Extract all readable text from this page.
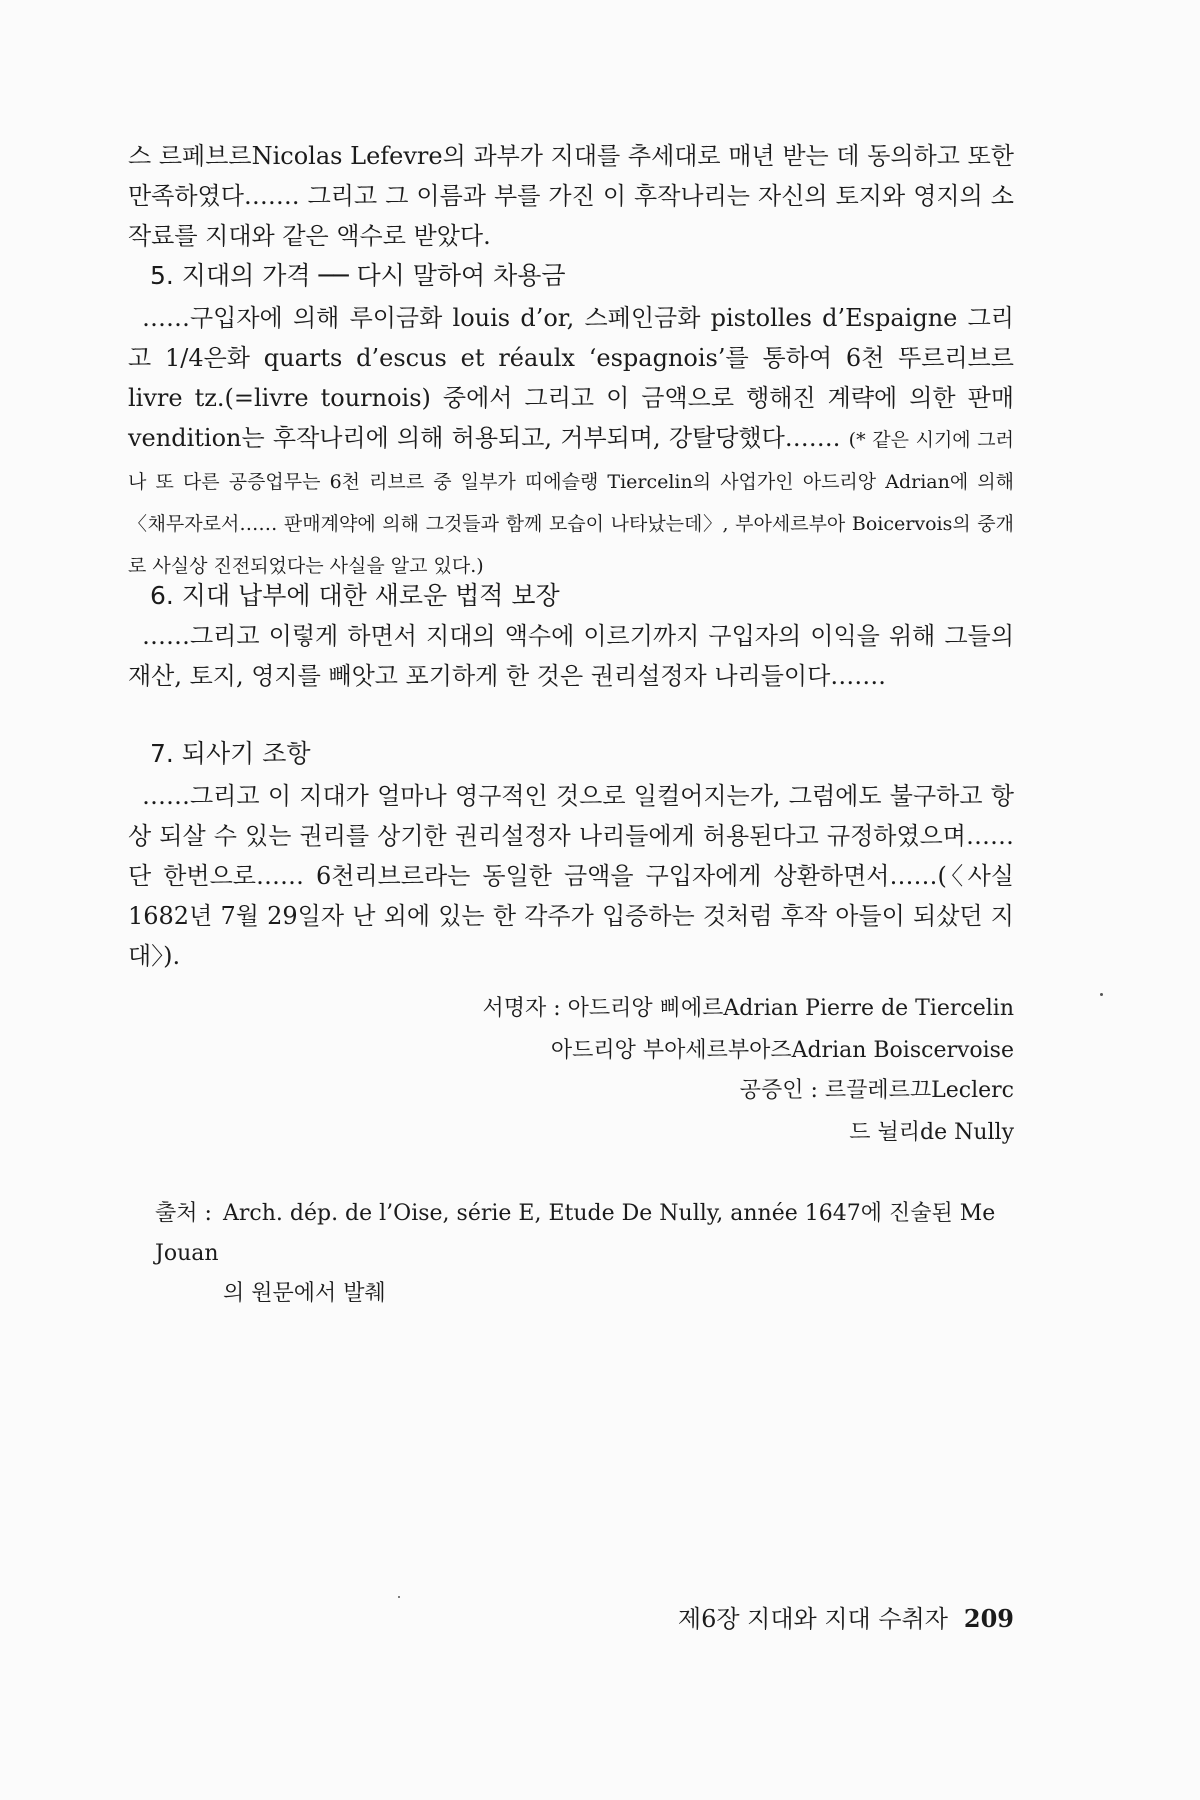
스 르페브르Nicolas Lefevre의 과부가 지대를 추세대로 매년 받는 데 동의하고 또한 만족하였다……. 그리고 그 이름과 부를 가진 이 후작나리는 자신의 토지와 영지의 소작료를 지대와 같은 액수로 받았다.

5. 지대의 가격 ── 다시 말하여 차용금

……구입자에 의해 루이금화 louis d’or, 스페인금화 pistolles d’Espaigne 그리고 1/4은화 quarts d’escus et réaulx ‘espagnois’를 통하여 6천 뚜르리브르 livre tz.(=livre tournois) 중에서 그리고 이 금액으로 행해진 계략에 의한 판매 vendition는 후작나리에 의해 허용되고, 거부되며, 강탈당했다……. (* 같은 시기에 그러나 또 다른 공증업무는 6천 리브르 중 일부가 띠에슬랭 Tiercelin의 사업가인 아드리앙 Adrian에 의해 〈채무자로서…… 판매계약에 의해 그것들과 함께 모습이 나타났는데〉, 부아세르부아 Boicervois의 중개로 사실상 진전되었다는 사실을 알고 있다.)

6. 지대 납부에 대한 새로운 법적 보장

……그리고 이렇게 하면서 지대의 액수에 이르기까지 구입자의 이익을 위해 그들의 재산, 토지, 영지를 빼앗고 포기하게 한 것은 권리설정자 나리들이다…….

7. 되사기 조항

……그리고 이 지대가 얼마나 영구적인 것으로 일컬어지는가, 그럼에도 불구하고 항상 되살 수 있는 권리를 상기한 권리설정자 나리들에게 허용된다고 규정하였으며…… 단 한번으로…… 6천리브르라는 동일한 금액을 구입자에게 상환하면서……(〈사실 1682년 7월 29일자 난 외에 있는 한 각주가 입증하는 것처럼 후작 아들이 되샀던 지대〉).

서명자 : 아드리앙 삐에르Adrian Pierre de Tiercelin
아드리앙 부아세르부아즈Adrian Boiscervoise
공증인 : 르끌레르끄Leclerc
드 뉠리de Nully
출처 : Arch. dép. de l’Oise, série E, Etude De Nully, année 1647에 진술된 Me Jouan
의 원문에서 발췌
제6장 지대와 지대 수취자 209
